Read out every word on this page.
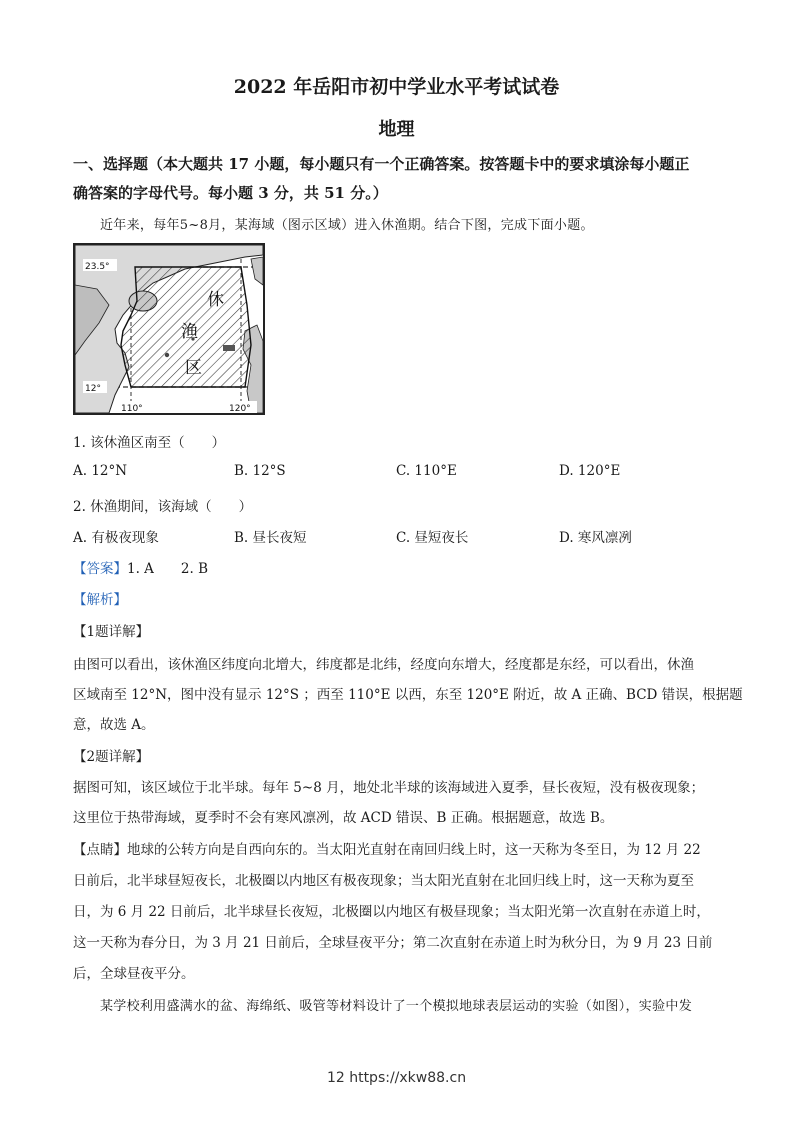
2022 年岳阳市初中学业水平考试试卷
地理
一、选择题（本大题共 17 小题，每小题只有一个正确答案。按答题卡中的要求填涂每小题正
确答案的字母代号。每小题 3 分，共 51 分。）
近年来，每年5~8月，某海域（图示区域）进入休渔期。结合下图，完成下面小题。
休
渔
区
23.5°
12°
110°	120°
1. 该休渔区南至（　　）
A. 12°N	B. 12°S	C. 110°E	D. 120°E
2. 休渔期间，该海域（　　）
A. 有极夜现象	B. 昼长夜短	C. 昼短夜长	D. 寒风凛冽
【答案】1. A　　2. B
【解析】
【1题详解】
由图可以看出，该休渔区纬度向北增大，纬度都是北纬，经度向东增大，经度都是东经，可以看出，休渔
区域南至 12°N，图中没有显示 12°S ；西至 110°E 以西，东至 120°E 附近，故 A 正确、BCD 错误，根据题
意，故选 A。
【2题详解】
据图可知，该区域位于北半球。每年 5~8 月，地处北半球的该海域进入夏季，昼长夜短，没有极夜现象；
这里位于热带海域，夏季时不会有寒风凛冽，故 ACD 错误、B 正确。根据题意，故选 B。
【点睛】地球的公转方向是自西向东的。当太阳光直射在南回归线上时，这一天称为冬至日，为 12 月 22
日前后，北半球昼短夜长，北极圈以内地区有极夜现象；当太阳光直射在北回归线上时，这一天称为夏至
日，为 6 月 22 日前后，北半球昼长夜短，北极圈以内地区有极昼现象；当太阳光第一次直射在赤道上时，
这一天称为春分日，为 3 月 21 日前后，全球昼夜平分；第二次直射在赤道上时为秋分日，为 9 月 23 日前
后，全球昼夜平分。
某学校利用盛满水的盆、海绵纸、吸管等材料设计了一个模拟地球表层运动的实验（如图），实验中发
12 https://xkw88.cn
